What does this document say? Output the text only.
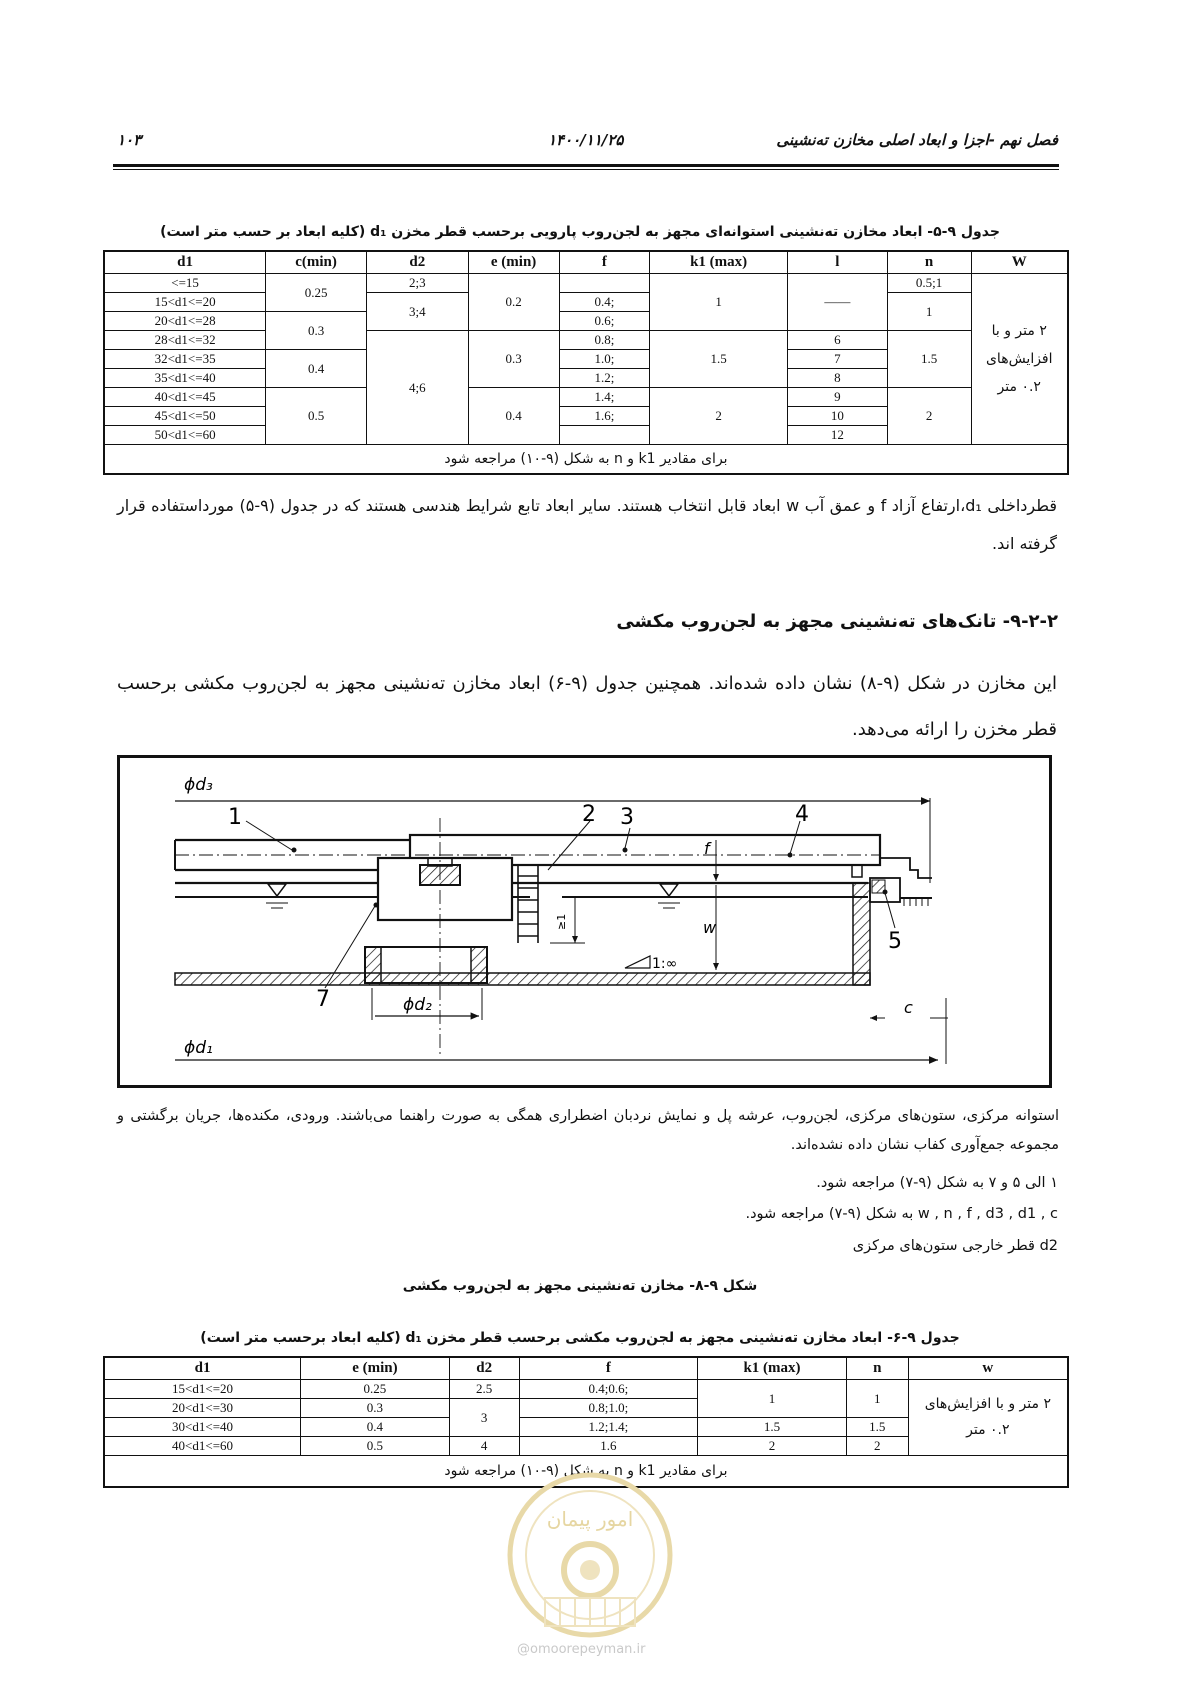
۱۰۳	۱۴۰۰/۱۱/۲۵	فصل نهم -اجزا و ابعاد اصلی مخازن ته‌نشینی
جدول ۹-۵- ابعاد مخازن ته‌نشینی استوانه‌ای مجهز به لجن‌روب پارویی برحسب قطر مخزن d₁ (کلیه ابعاد بر حسب متر است)
d1	c(min)	d2	e (min)	f	k1 (max)	l	n	W
<=15	0.25	2;3	0.2		1	——	0.5;1	۲ متر و با افزایش‌های ۰.۲ متر
15<d1<=20		3;4		0.4;			1	
20<d1<=28	0.3			0.6;				
28<d1<=32		4;6	0.3	0.8;	1.5	6	1.5	
32<d1<=35	0.4			1.0;		7		
35<d1<=40				1.2;		8		
40<d1<=45	0.5		0.4	1.4;	2	9	2	
45<d1<=50				1.6;		10		
50<d1<=60						12		
برای مقادیر k1 و n به شکل (۹-۱۰) مراجعه شود								
قطرداخلی d₁،ارتفاع آزاد f و عمق آب w ابعاد قابل انتخاب هستند. سایر ابعاد تابع شرایط هندسی هستند که در جدول (۹-۵) مورداستفاده قرار گرفته اند.
۹-۲-۲- تانک‌های ته‌نشینی مجهز به لجن‌روب مکشی
این مخازن در شکل (۹-۸) نشان داده شده‌اند. همچنین جدول (۹-۶) ابعاد مخازن ته‌نشینی مجهز به لجن‌روب مکشی برحسب قطر مخزن را ارائه می‌دهد.
ϕd₃
ϕd₁
ϕd₂
1	2 3	4
5
7
f
w
c
≥1
1:∞
استوانه مرکزی، ستون‌های مرکزی، لجن‌روب، عرشه پل و نمایش نردبان اضطراری همگی به صورت راهنما می‌باشند. ورودی، مکنده‌ها، جریان برگشتی و مجموعه جمع‌آوری کفاب نشان داده نشده‌اند.
۱ الی ۵ و ۷ به شکل (۹-۷) مراجعه شود.
w , n , f , d3 , d1 , c به شکل (۹-۷) مراجعه شود.
d2 قطر خارجی ستون‌های مرکزی
شکل ۹-۸- مخازن ته‌نشینی مجهز به لجن‌روب مکشی
جدول ۹-۶- ابعاد مخازن ته‌نشینی مجهز به لجن‌روب مکشی برحسب قطر مخزن d₁ (کلیه ابعاد برحسب متر است)
d1	e (min)	d2	f	k1 (max)	n	w
15<d1<=20	0.25	2.5	0.4;0.6;	1	1	۲ متر و با افزایش‌های ۰.۲ متر
20<d1<=30	0.3	3	0.8;1.0;			
30<d1<=40	0.4		1.2;1.4;	1.5	1.5	
40<d1<=60	0.5	4	1.6	2	2	
برای مقادیر k1 و n به شکل (۹-۱۰) مراجعه شود						
امور پیمان
@omoorepeyman.ir
